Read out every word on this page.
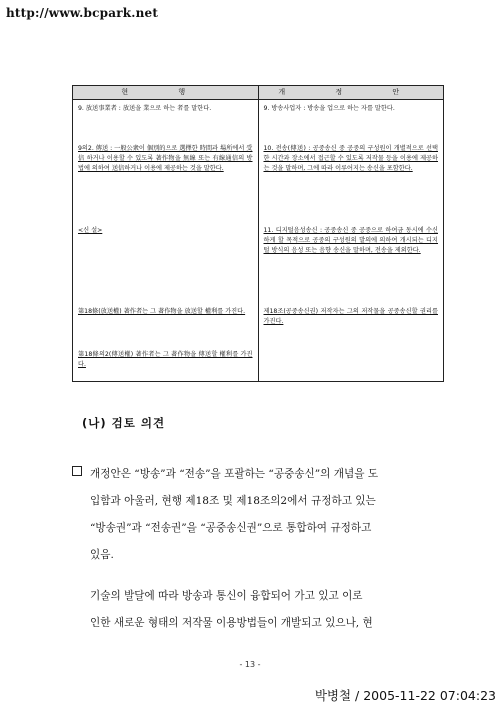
http://www.bcpark.net
현 행	개 정 안
9. 放送事業者 : 放送을 業으로 하는 者를 말한다.
9의2. 傳送 : 一般公衆이 個別的으로 選擇한 時間과 場所에서 受信 하거나 이용할 수 있도록 著作物을 無線 또는 有線通信의 방법에 의하여 送信하거나 이용에 제공하는 것을 말한다.
<신 설>
第18條(放送權) 著作者는 그 著作物을 放送할 權利를 가진다.
第18條의2(傳送權) 著作者는 그 著作物을 傳送할 權利를 가진다.
9. 방송사업자 : 방송을 업으로 하는 자를 말한다.
10. 전송(傳送) : 공중송신 중 공중의 구성원이 개별적으로 선택한 시간과 장소에서 접근할 수 있도록 저작물 등을 이용에 제공하는 것을 말하며, 그에 따라 이루어지는 송신을 포함한다.
11. 디지털음성송신 : 공중송신 중 공중으로 하여금 동시에 수신하게 할 목적으로 공중의 구성원의 발의에 의하여 개시되는 디지털 방식의 음성 또는 음향 송신을 말하며, 전송을 제외한다.
제18조(공중송신권) 저작자는 그의 저작물을 공중송신할 권리를 가진다.
(나) 검토 의견
개정안은 “방송”과 “전송”을 포괄하는 “공중송신”의 개념을 도
입함과 아울러, 현행 제18조 및 제18조의2에서 규정하고 있는
“방송권”과 “전송권”을 “공중송신권”으로 통합하여 규정하고
있음.
기술의 발달에 따라 방송과 통신이 융합되어 가고 있고 이로
인한 새로운 형태의 저작물 이용방법들이 개발되고 있으나, 현
- 13 -
박병철 / 2005-11-22 07:04:23
